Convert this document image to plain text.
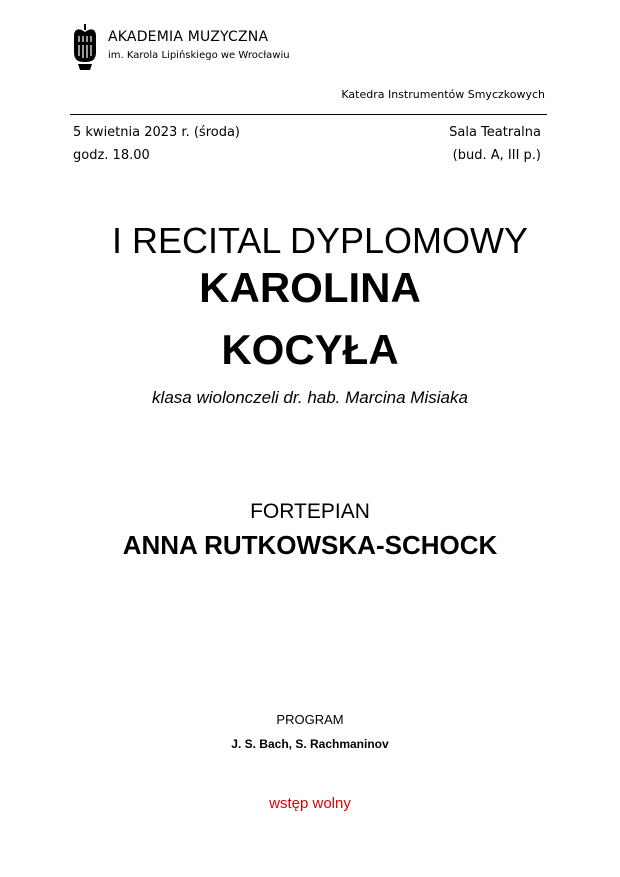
AKADEMIA MUZYCZNA
im. Karola Lipińskiego we Wrocławiu
Katedra Instrumentów Smyczkowych
5 kwietnia 2023 r. (środa)
godz. 18.00
Sala Teatralna
(bud. A, III p.)
I RECITAL DYPLOMOWY
KAROLINA
KOCYŁA
klasa wiolonczeli dr. hab. Marcina Misiaka
FORTEPIAN
ANNA RUTKOWSKA-SCHOCK
PROGRAM
J. S. Bach, S. Rachmaninov
wstęp wolny
